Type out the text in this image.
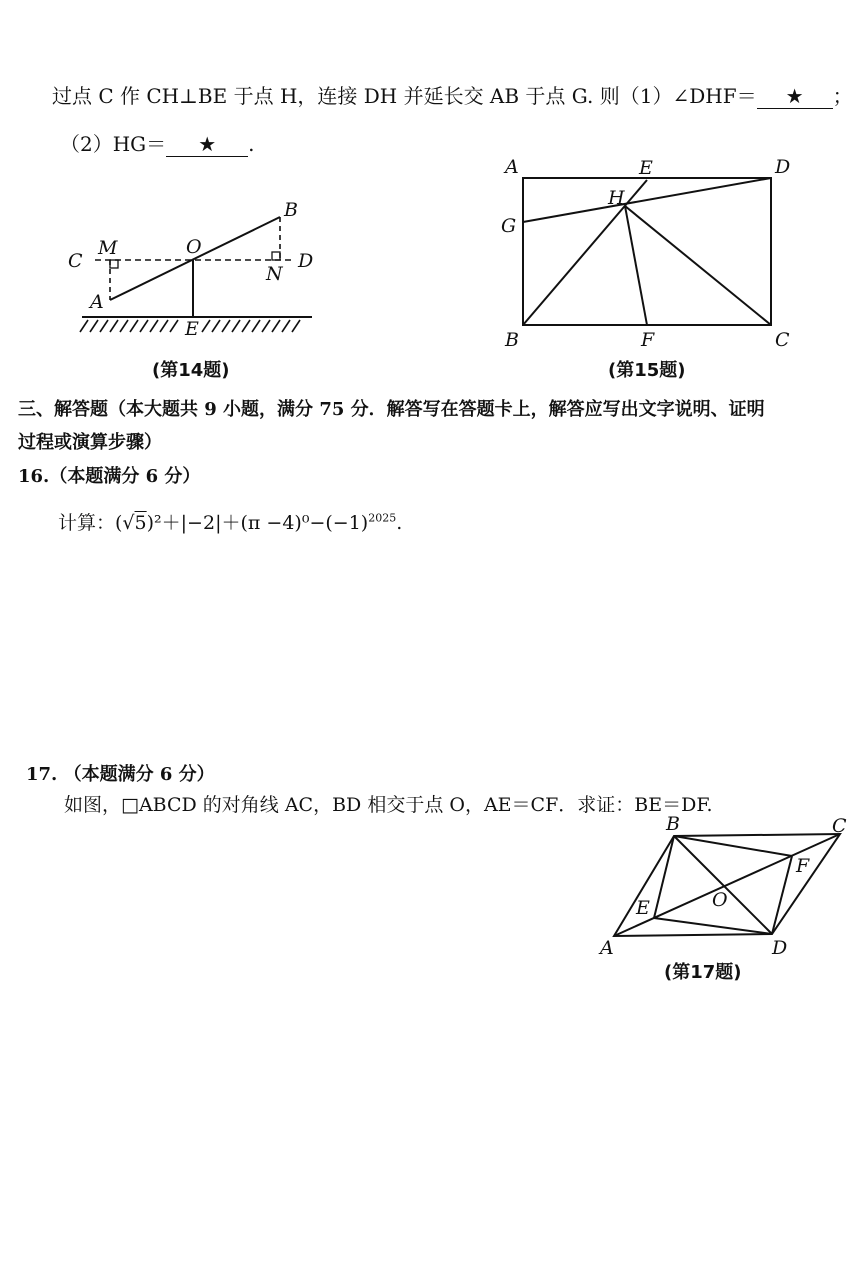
过点 C 作 CH⊥BE 于点 H，连接 DH 并延长交 AB 于点 G. 则（1）∠DHF＝ ★ ；
（2）HG＝ ★ .
C
M	O
B
N
D
A
E
(第14题)
A	E	D
H
G
B	F	C
(第15题)
三、解答题（本大题共 9 小题，满分 75 分．解答写在答题卡上，解答应写出文字说明、证明
过程或演算步骤）
16.（本题满分 6 分）
计算：$(√5)^2+|-2|+(\pi -4)^0-(-1)^{2025}$.
17. （本题满分 6 分）
如图，□ABCD 的对角线 AC，BD 相交于点 O，AE＝CF．求证：BE＝DF.
A
B	C
D
E
F
O
(第17题)
